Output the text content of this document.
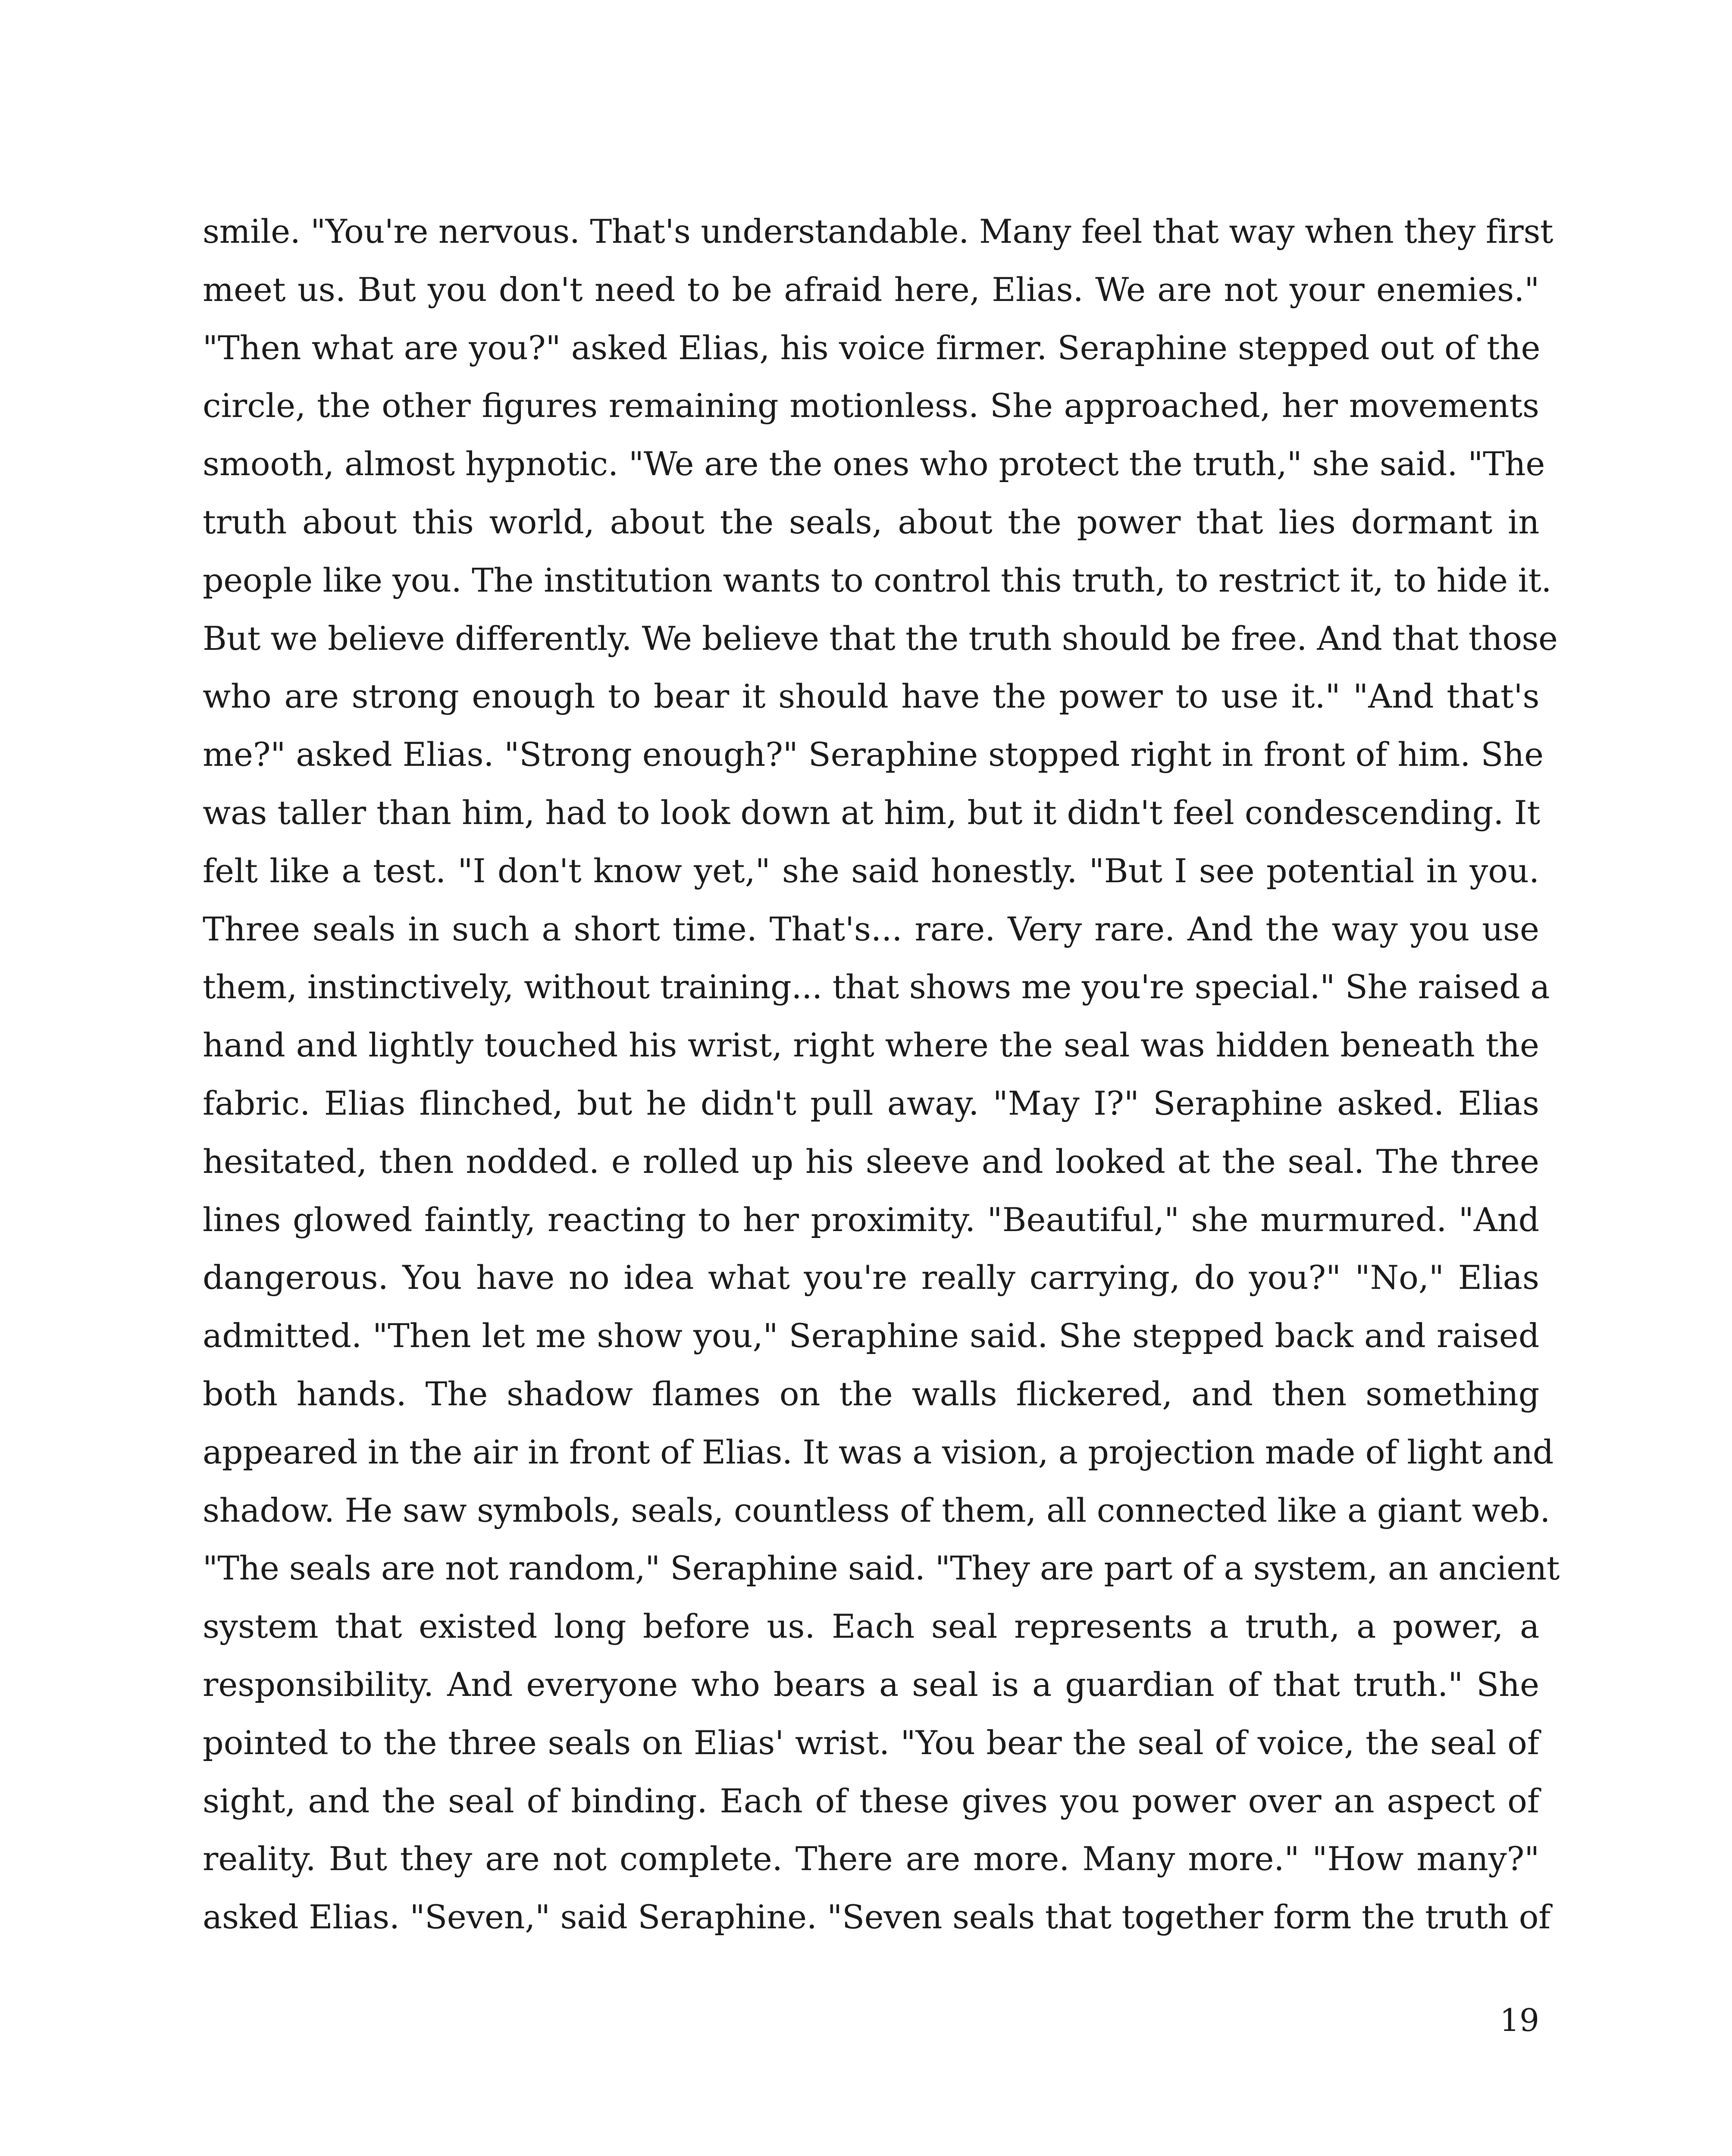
smile. "You're nervous. That's understandable. Many feel that way when they first
meet us. But you don't need to be afraid here, Elias. We are not your enemies."
"Then what are you?" asked Elias, his voice firmer. Seraphine stepped out of the
circle, the other figures remaining motionless. She approached, her movements
smooth, almost hypnotic. "We are the ones who protect the truth," she said. "The
truth about this world, about the seals, about the power that lies dormant in
people like you. The institution wants to control this truth, to restrict it, to hide it.
But we believe differently. We believe that the truth should be free. And that those
who are strong enough to bear it should have the power to use it." "And that's
me?" asked Elias. "Strong enough?" Seraphine stopped right in front of him. She
was taller than him, had to look down at him, but it didn't feel condescending. It
felt like a test. "I don't know yet," she said honestly. "But I see potential in you.
Three seals in such a short time. That's... rare. Very rare. And the way you use
them, instinctively, without training... that shows me you're special." She raised a
hand and lightly touched his wrist, right where the seal was hidden beneath the
fabric. Elias flinched, but he didn't pull away. "May I?" Seraphine asked. Elias
hesitated, then nodded. e rolled up his sleeve and looked at the seal. The three
lines glowed faintly, reacting to her proximity. "Beautiful," she murmured. "And
dangerous. You have no idea what you're really carrying, do you?" "No," Elias
admitted. "Then let me show you," Seraphine said. She stepped back and raised
both hands. The shadow flames on the walls flickered, and then something
appeared in the air in front of Elias. It was a vision, a projection made of light and
shadow. He saw symbols, seals, countless of them, all connected like a giant web.
"The seals are not random," Seraphine said. "They are part of a system, an ancient
system that existed long before us. Each seal represents a truth, a power, a
responsibility. And everyone who bears a seal is a guardian of that truth." She
pointed to the three seals on Elias' wrist. "You bear the seal of voice, the seal of
sight, and the seal of binding. Each of these gives you power over an aspect of
reality. But they are not complete. There are more. Many more." "How many?"
asked Elias. "Seven," said Seraphine. "Seven seals that together form the truth of
19
